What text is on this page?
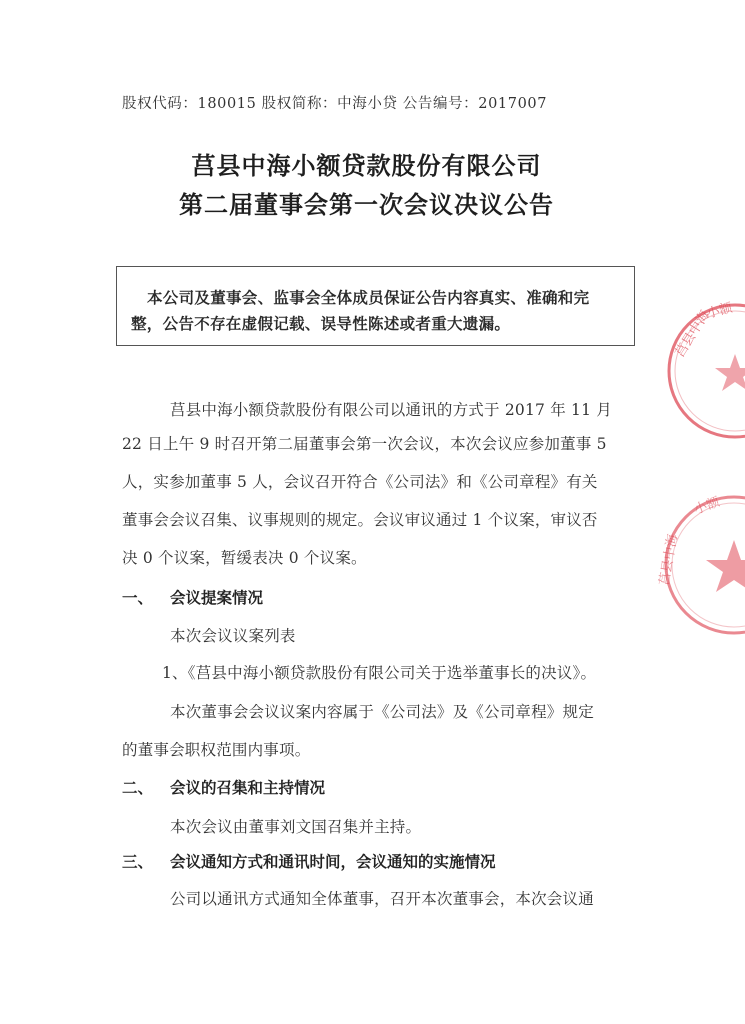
股权代码：180015 股权简称：中海小贷 公告编号：2017007
莒县中海小额贷款股份有限公司
第二届董事会第一次会议决议公告

本公司及董事会、监事会全体成员保证公告内容真实、准确和完

整，公告不存在虚假记载、误导性陈述或者重大遗漏。

莒县中海小额贷款股份有限公司以通讯的方式于 2017 年 11 月
22 日上午 9 时召开第二届董事会第一次会议，本次会议应参加董事 5
人，实参加董事 5 人，会议召开符合《公司法》和《公司章程》有关
董事会会议召集、议事规则的规定。会议审议通过 1 个议案，审议否
决 0 个议案，暂缓表决 0 个议案。
一、 会议提案情况
本次会议议案列表
1、《莒县中海小额贷款股份有限公司关于选举董事长的决议》。
本次董事会会议议案内容属于《公司法》及《公司章程》规定
的董事会职权范围内事项。
二、 会议的召集和主持情况
本次会议由董事刘文国召集并主持。
三、 会议通知方式和通讯时间，会议通知的实施情况
公司以通讯方式通知全体董事，召开本次董事会，本次会议通
莒县中海
小额
莒县中海
小额
